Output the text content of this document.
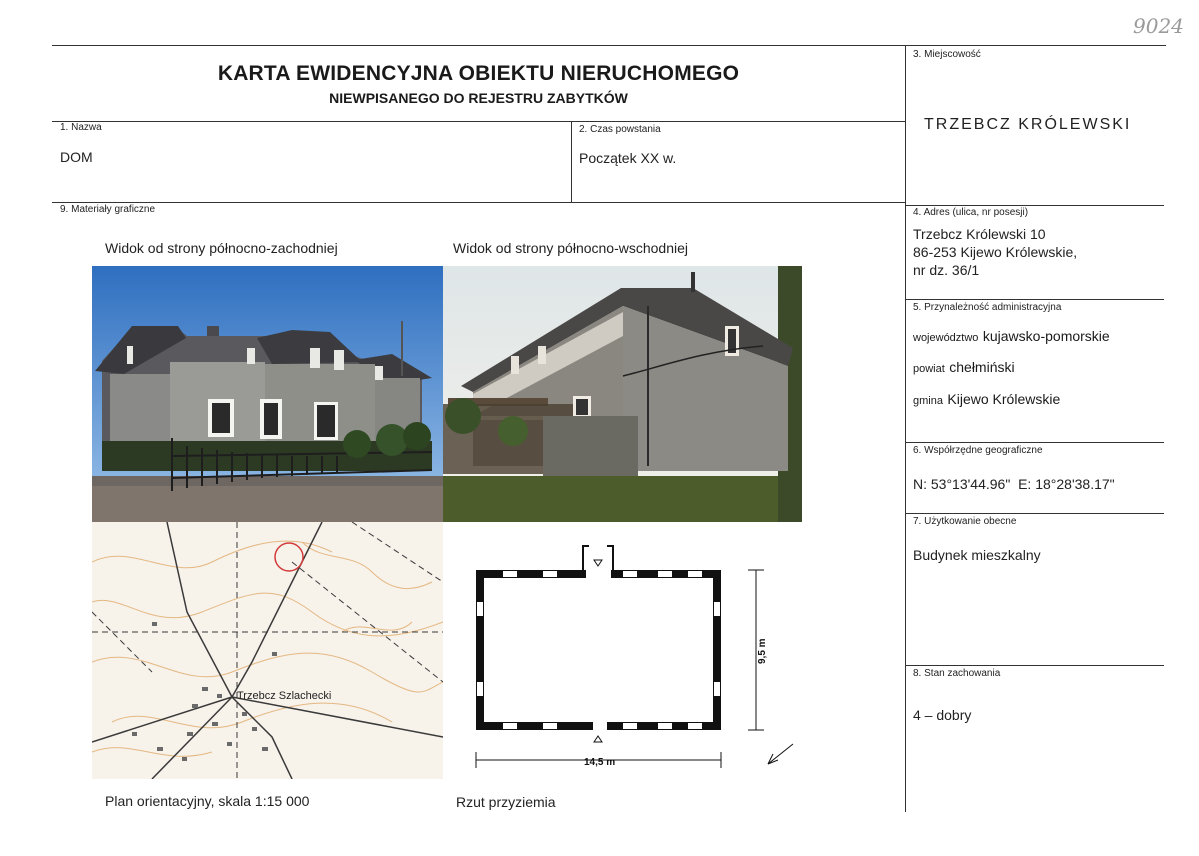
9024
KARTA EWIDENCYJNA OBIEKTU NIERUCHOMEGO
NIEWPISANEGO DO REJESTRU ZABYTKÓW
1. Nazwa
DOM
2. Czas powstania
Początek XX w.
3. Miejscowość
TRZEBCZ KRÓLEWSKI
4. Adres (ulica, nr posesji)
Trzebcz Królewski 10
86-253 Kijewo Królewskie,
nr dz. 36/1
5. Przynależność administracyjna
województwo kujawsko-pomorskie
powiat chełmiński
gmina Kijewo Królewskie
6. Współrzędne geograficzne
N: 53°13'44.96"  E: 18°28'38.17"
7. Użytkowanie obecne
Budynek mieszkalny
8. Stan zachowania
4 – dobry
9. Materiały graficzne
Widok od strony północno-zachodniej	Widok od strony północno-wschodniej
Trzebcz Szlachecki
14,5 m
9,5 m
Plan orientacyjny, skala 1:15 000	Rzut przyziemia
